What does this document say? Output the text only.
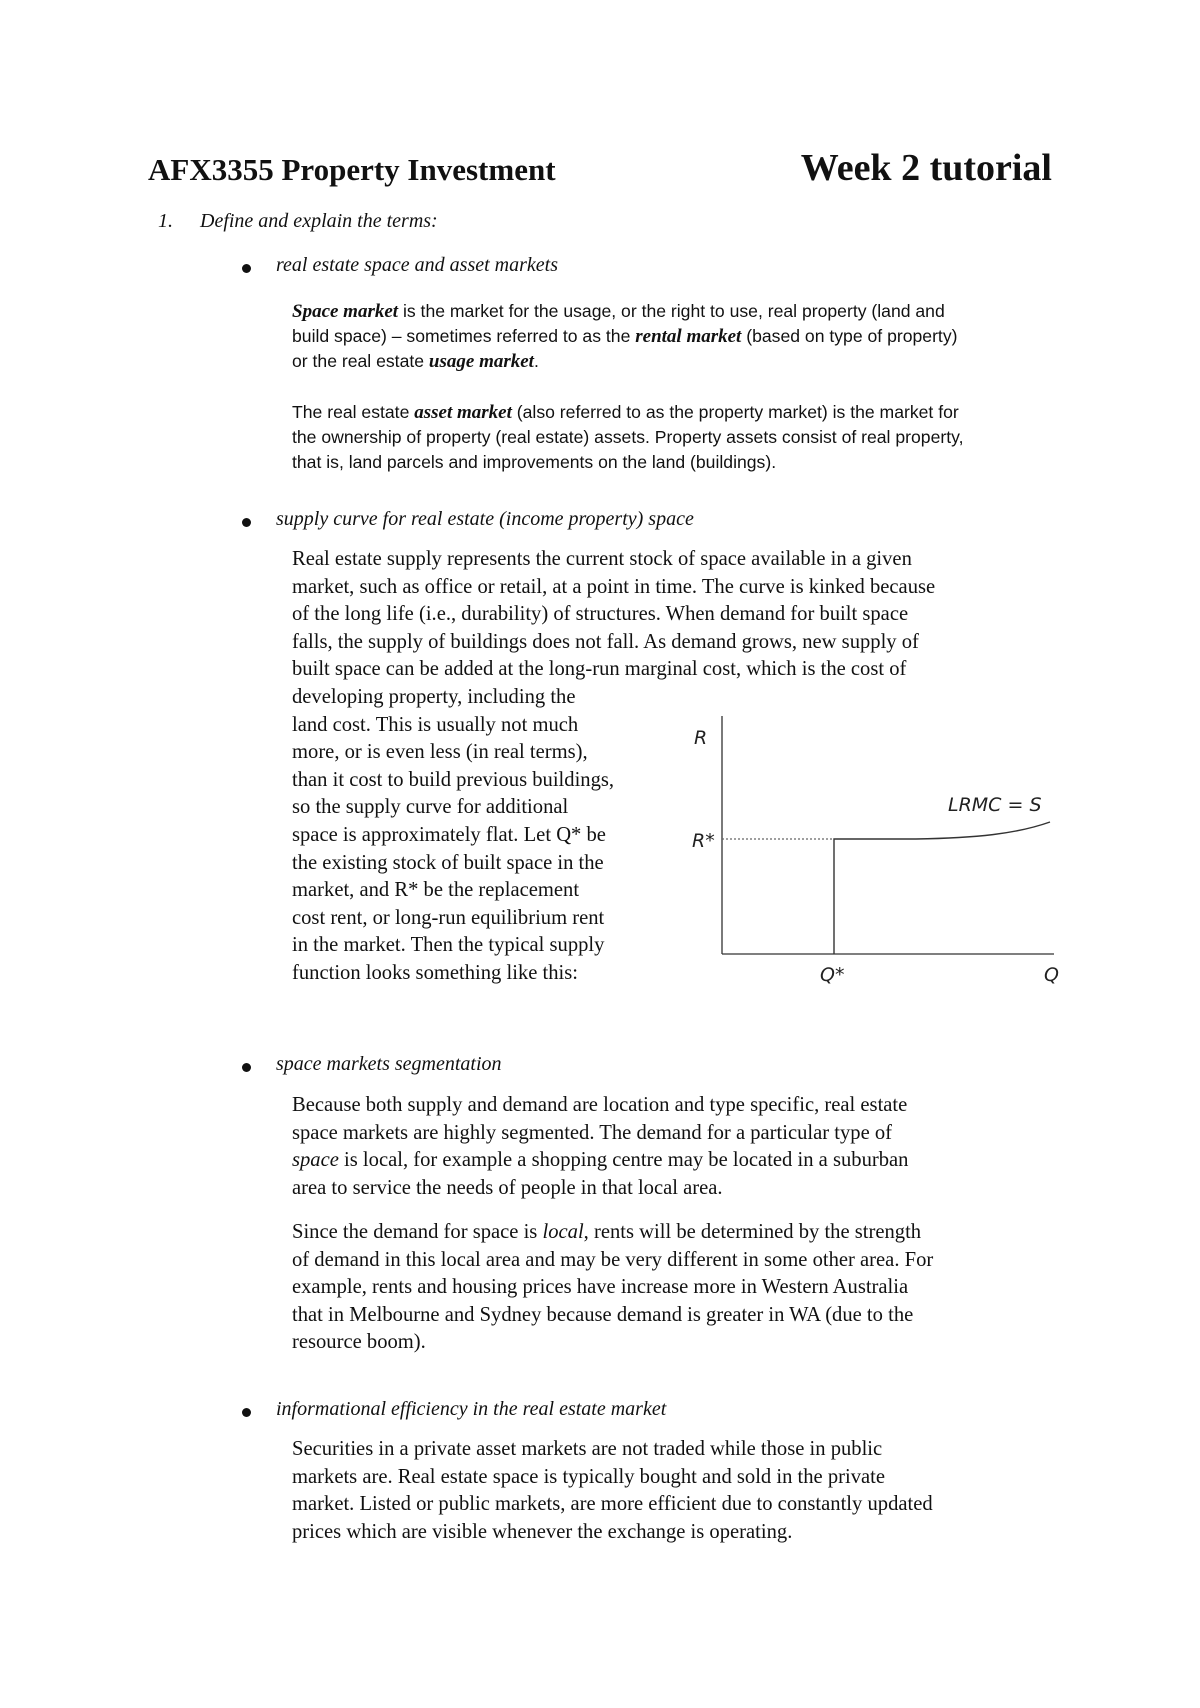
AFX3355 Property Investment	Week 2 tutorial
1. Define and explain the terms:
real estate space and asset markets
Space market is the market for the usage, or the right to use, real property (land and
build space) – sometimes referred to as the rental market (based on type of property)
or the real estate usage market.
The real estate asset market (also referred to as the property market) is the market for
the ownership of property (real estate) assets. Property assets consist of real property,
that is, land parcels and improvements on the land (buildings).
supply curve for real estate (income property) space
Real estate supply represents the current stock of space available in a given
market, such as office or retail, at a point in time. The curve is kinked because
of the long life (i.e., durability) of structures. When demand for built space
falls, the supply of buildings does not fall. As demand grows, new supply of
built space can be added at the long-run marginal cost, which is the cost of
developing property, including the
land cost. This is usually not much
more, or is even less (in real terms),
than it cost to build previous buildings,
so the supply curve for additional
space is approximately flat. Let Q* be
the existing stock of built space in the
market, and R* be the replacement
cost rent, or long-run equilibrium rent
in the market. Then the typical supply
function looks something like this:
R
R*
Q*	Q
LRMC = S
space markets segmentation
Because both supply and demand are location and type specific, real estate
space markets are highly segmented. The demand for a particular type of
space is local, for example a shopping centre may be located in a suburban
area to service the needs of people in that local area.
Since the demand for space is local, rents will be determined by the strength
of demand in this local area and may be very different in some other area. For
example, rents and housing prices have increase more in Western Australia
that in Melbourne and Sydney because demand is greater in WA (due to the
resource boom).
informational efficiency in the real estate market
Securities in a private asset markets are not traded while those in public
markets are. Real estate space is typically bought and sold in the private
market. Listed or public markets, are more efficient due to constantly updated
prices which are visible whenever the exchange is operating.
